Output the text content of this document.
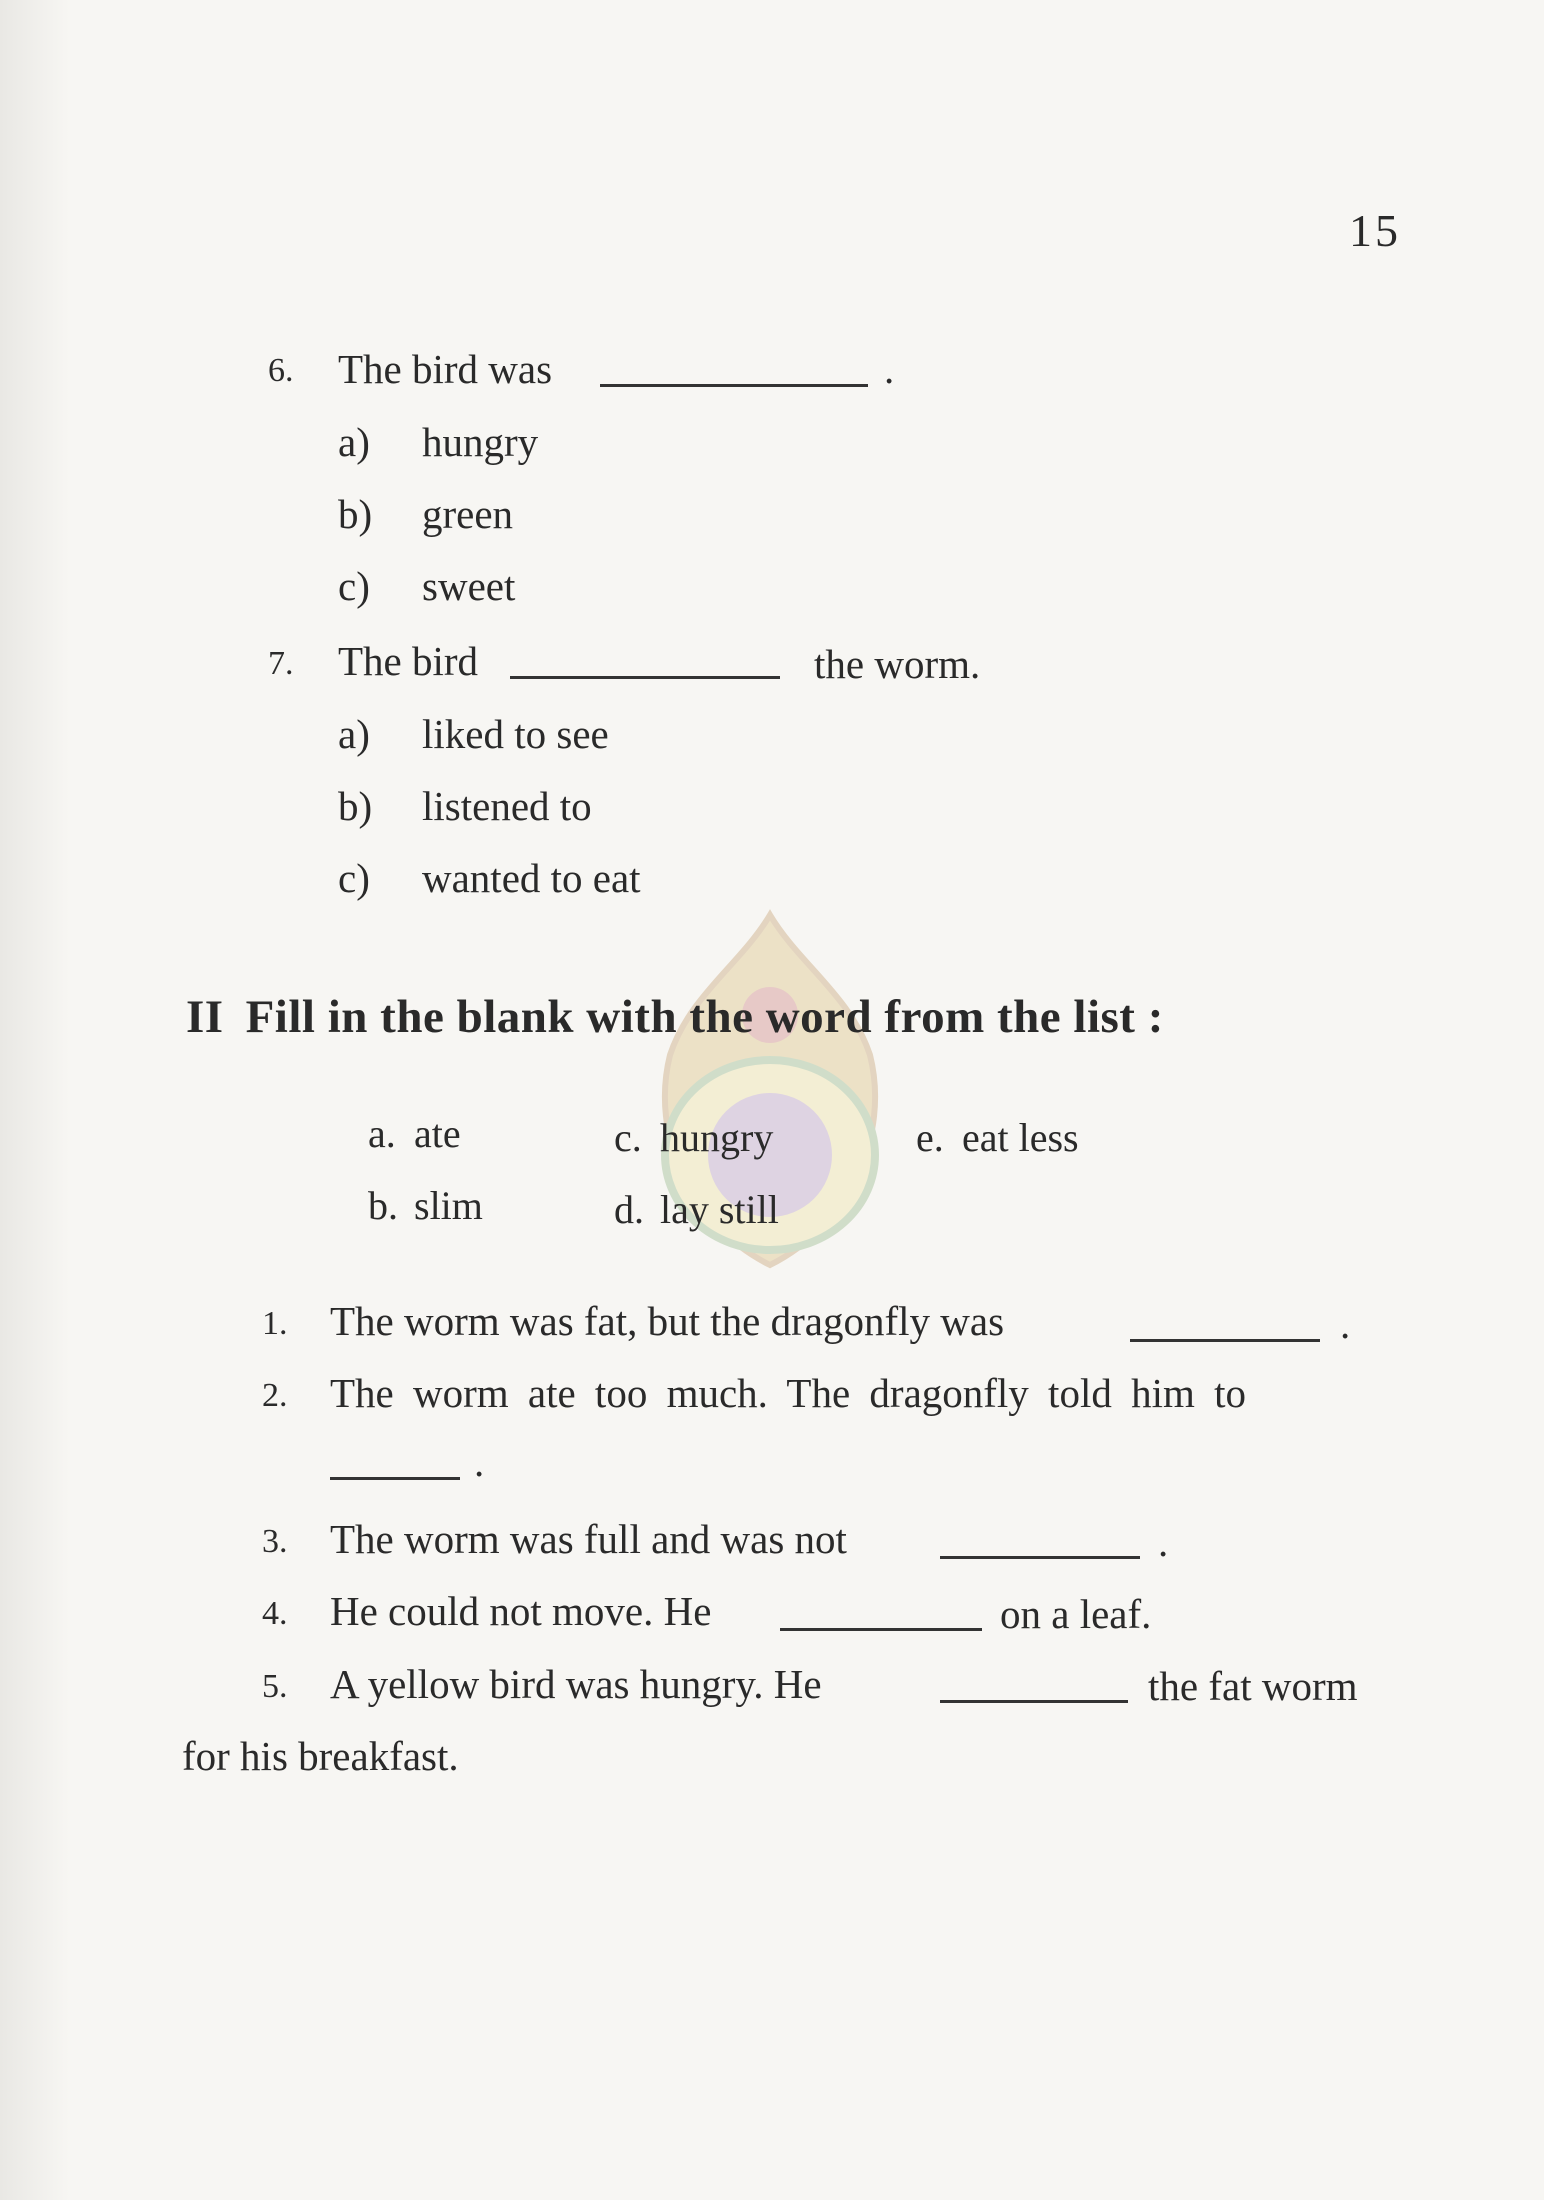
15
6. The bird was	.
a) hungry
b) green
c) sweet
7. The bird	the worm.
a) liked to see
b) listened to
c) wanted to eat
II Fill in the blank with the word from the list :
a. ate
b. slim
c. hungry
d. lay still
e. eat less
1. The worm was fat, but the dragonfly was	.
2. The worm ate too much. The dragonfly told him to
.
3. The worm was full and was not	.
4. He could not move. He	on a leaf.
5. A yellow bird was hungry. He	the fat worm
for his breakfast.
